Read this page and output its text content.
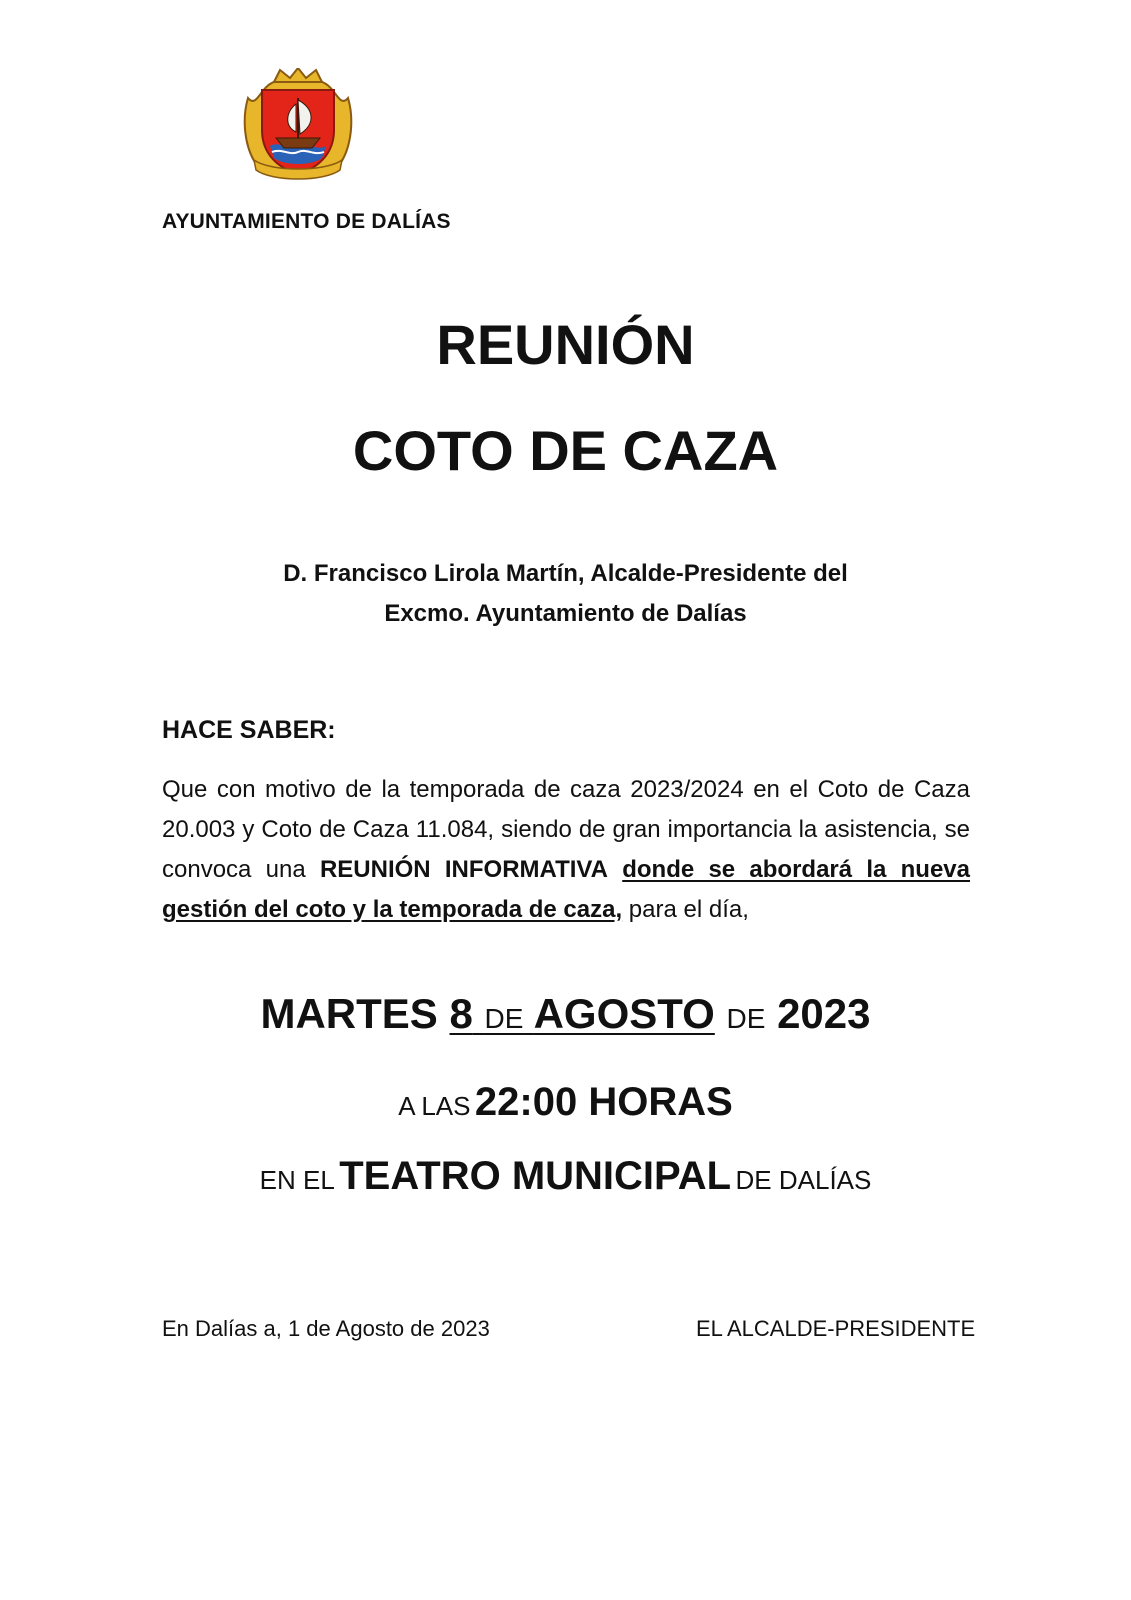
AYUNTAMIENTO DE DALÍAS
REUNIÓN
COTO DE CAZA

D. Francisco Lirola Martín, Alcalde-Presidente del

Excmo. Ayuntamiento de Dalías

HACE SABER:

Que con motivo de la temporada de caza 2023/2024 en el Coto de Caza 20.003 y Coto de Caza 11.084, siendo de gran importancia la asistencia, se convoca una REUNIÓN INFORMATIVA donde se abordará la nueva gestión del coto y la temporada de caza, para el día,

MARTES 8 DE AGOSTO DE 2023

A LAS 22:00 HORAS

EN EL TEATRO MUNICIPAL DE DALÍAS

En Dalías a, 1 de Agosto de 2023	EL ALCALDE-PRESIDENTE
